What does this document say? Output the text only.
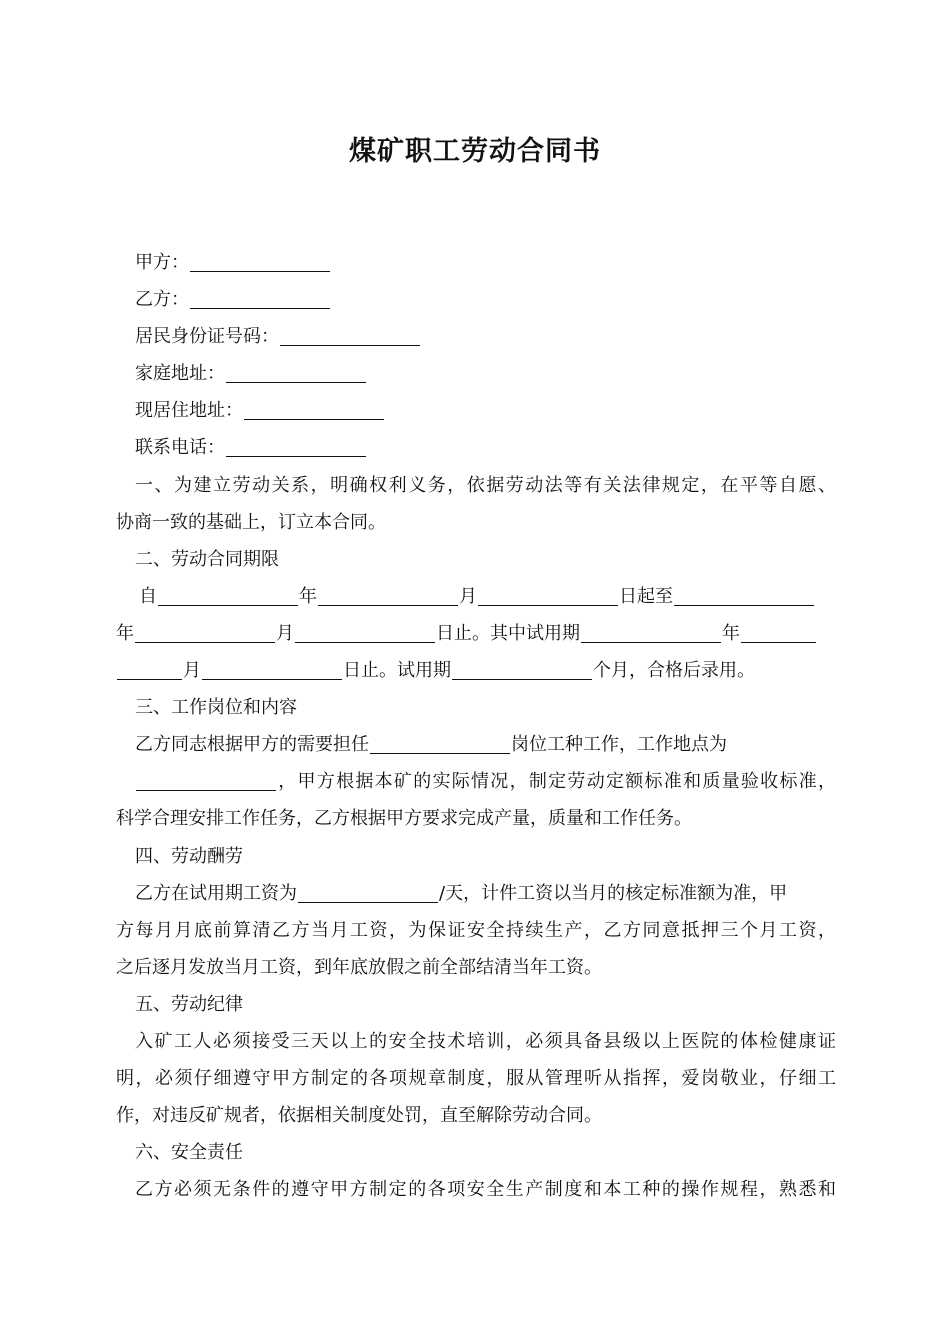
煤矿职工劳动合同书
甲方：
乙方：
居民身份证号码：
家庭地址：
现居住地址：
联系电话：
一、为建立劳动关系，明确权利义务，依据劳动法等有关法律规定，在平等自愿、
协商一致的基础上，订立本合同。
二、劳动合同期限
自	年	月	日起至
年	月	日止。其中试用期	年
月	日止。试用期	个月，合格后录用。
三、工作岗位和内容
乙方同志根据甲方的需要担任	岗位工种工作，工作地点为
，甲方根据本矿的实际情况，制定劳动定额标准和质量验收标准，
科学合理安排工作任务，乙方根据甲方要求完成产量，质量和工作任务。
四、劳动酬劳
乙方在试用期工资为	/天，计件工资以当月的核定标准额为准，甲
方每月月底前算清乙方当月工资，为保证安全持续生产，乙方同意抵押三个月工资，
之后逐月发放当月工资，到年底放假之前全部结清当年工资。
五、劳动纪律
入矿工人必须接受三天以上的安全技术培训，必须具备县级以上医院的体检健康证
明，必须仔细遵守甲方制定的各项规章制度，服从管理听从指挥，爱岗敬业，仔细工
作，对违反矿规者，依据相关制度处罚，直至解除劳动合同。
六、安全责任
乙方必须无条件的遵守甲方制定的各项安全生产制度和本工种的操作规程，熟悉和
